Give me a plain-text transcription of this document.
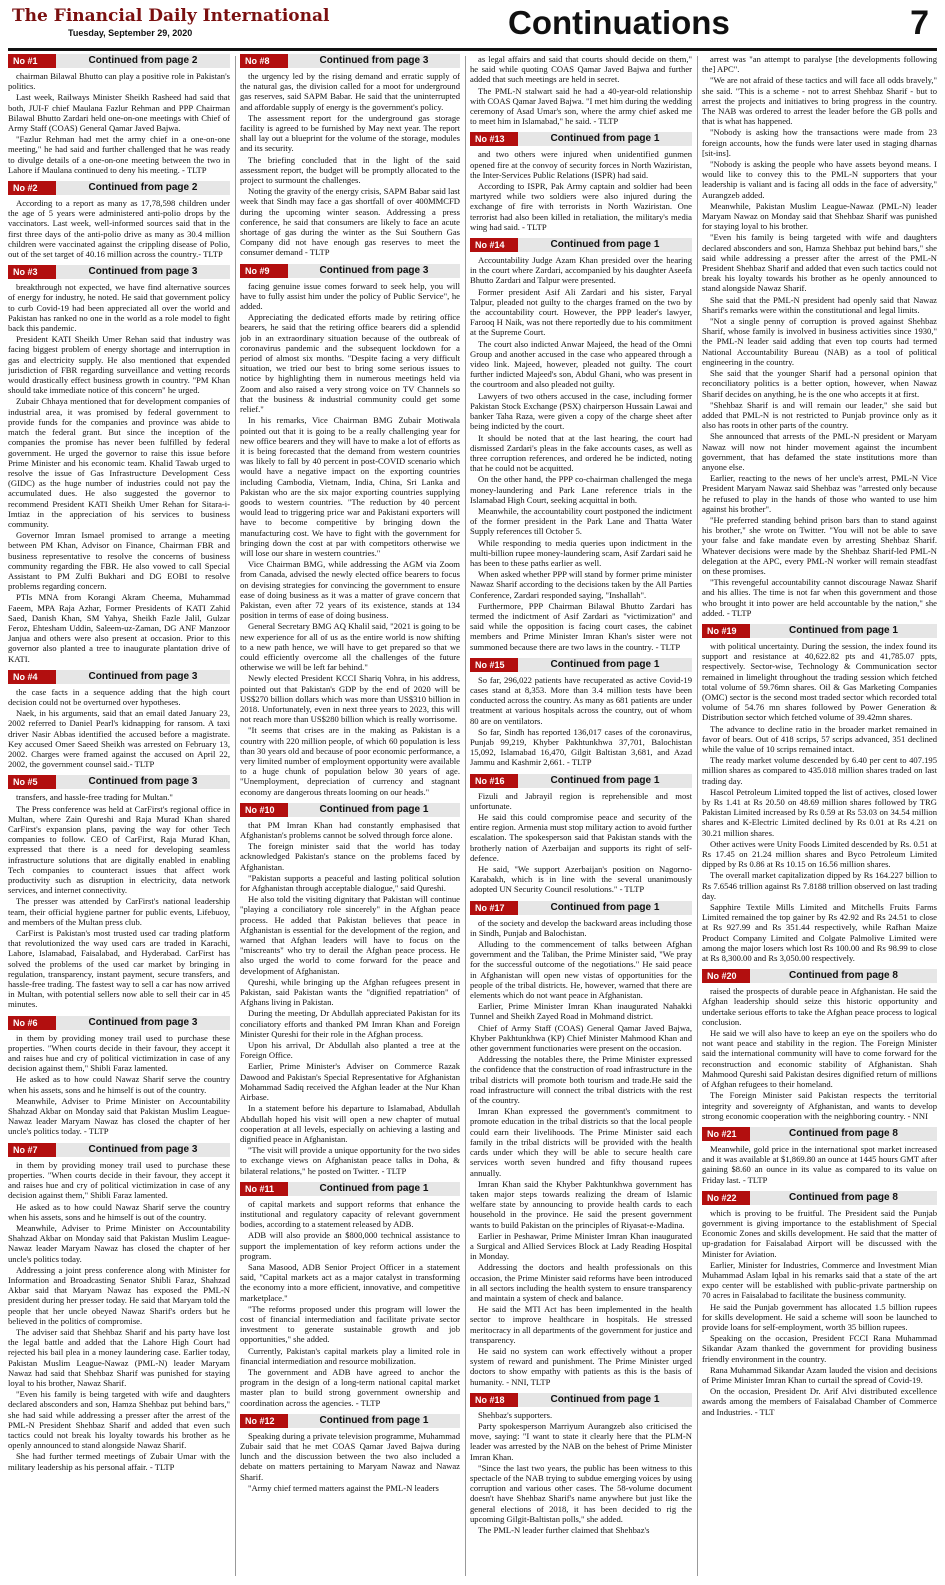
The Financial Daily International
Tuesday, September 29, 2020	Continuations	7
No #1	Continued from page 2

chairman Bilawal Bhutto can play a positive role in Pakistan's politics.

Last week, Railways Minister Sheikh Rasheed had said that both, JUI-F chief Maulana Fazlur Rehman and PPP Chairman Bilawal Bhutto Zardari held one-on-one meetings with Chief of Army Staff (COAS) General Qamar Javed Bajwa.

"Fazlur Rehman had met the army chief in a one-on-one meeting," he had said and further challenged that he was ready to divulge details of a one-on-one meeting between the two in Lahore if Maulana continued to deny his meeting. - TLTP

No #2	Continued from page 2

According to a report as many as 17,78,598 children under the age of 5 years were administered anti-polio drops by the vaccinators. Last week, well-informed sources said that in the first three days of the anti-polio drive as many as 30.4 million children were vaccinated against the crippling disease of Polio, out of the set target of 40.16 million across the country.- TLTP

No #3	Continued from page 3

breakthrough not expected, we have find alternative sources of energy for industry, he noted. He said that government policy to curb Covid-19 had been appreciated all over the world and Pakistan has ranked no one in the world as a role model to fight back this pandemic.

President KATI Sheikh Umer Rehan said that industry was facing biggest problem of energy shortage and interruption in gas and electricity supply. He also mentioned that expended jurisdiction of FBR regarding surveillance and vetting records would drastically effect business growth in country. "PM Khan should take immediate notice of this concern" he urged.

Zubair Chhaya mentioned that for development companies of industrial area, it was promised by federal government to provide funds for the companies and province was abide to match the federal grant. But since the inception of the companies the promise has never been fulfilled by federal government. He urged the governor to raise this issue before Prime Minister and his economic team. Khalid Tawab urged to resolve the issue of Gas Infrastructure Development Cess (GIDC) as the huge number of industries could not pay the accumulated dues. He also suggested the governor to recommend President KATI Sheikh Umer Rehan for Sitara-i-Imtiaz in the appreciation of his services to business community.

Governor Imran Ismael promised to arrange a meeting between PM Khan, Advisor on Finance, Chairman FBR and business representative to resolve the concerns of business community regarding the FBR. He also vowed to call Special Assistant to PM Zulfi Bukhari and DG EOBI to resolve problems regarding concern.

PTIs MNA from Korangi Akram Cheema, Muhammad Faeem, MPA Raja Azhar, Former Presidents of KATI Zahid Saed, Danish Khan, SM Yahya, Sheikh Fazle Jalil, Gulzar Feroz, Ehtesham Uddin, Saleem-uz-Zaman, DG ANF Manzoor Janjua and others were also present at occasion. Prior to this governor also planted a tree to inaugurate plantation drive of KATI.

No #4	Continued from page 3

the case facts in a sequence adding that the high court decision could not be overturned over hypotheses.

Naek, in his arguments, said that an email dated January 23, 2002 referred to Daniel Pearl's kidnapping for ransom. A taxi driver Nasir Abbas identified the accused before a magistrate. Key accused Omer Saeed Sheikh was arrested on February 13, 2002. Charges were framed against the accused on April 22, 2002, the government counsel said.- TLTP

No #5	Continued from page 3

transfers, and hassle-free trading for Multan."

The Press conference was held at CarFirst's regional office in Multan, where Zain Qureshi and Raja Murad Khan shared CarFirst's expansion plans, paving the way for other Tech companies to follow. CEO of CarFirst, Raja Murad Khan, expressed that there is a need for developing seamless infrastructure solutions that are digitally enabled in enabling Tech companies to counteract issues that affect work productivity such as disruption in electricity, data network services, and internet connectivity.

The presser was attended by CarFirst's national leadership team, their official hygiene partner for public events, Lifebuoy, and members of the Multan press club.

CarFirst is Pakistan's most trusted used car trading platform that revolutionized the way used cars are traded in Karachi, Lahore, Islamabad, Faisalabad, and Hyderabad. CarFirst has solved the problems of the used car market by bringing in regulation, transparency, instant payment, secure transfers, and hassle-free trading. The fastest way to sell a car has now arrived in Multan, with potential sellers now able to sell their car in 45 minutes.

No #6	Continued from page 3

in them by providing money trail used to purchase these properties. "When courts decide in their favour, they accept it and raises hue and cry of political victimization in case of any decision against them," Shibli Faraz lamented.

He asked as to how could Nawaz Sharif serve the country when his assets, sons and he himself is out of the country.

Meanwhile, Adviser to Prime Minister on Accountability Shahzad Akbar on Monday said that Pakistan Muslim League-Nawaz leader Maryam Nawaz has closed the chapter of her uncle's politics today. - TLTP

No #7	Continued from page 3

in them by providing money trail used to purchase these properties. "When courts decide in their favour, they accept it and raises hue and cry of political victimization in case of any decision against them," Shibli Faraz lamented.

He asked as to how could Nawaz Sharif serve the country when his assets, sons and he himself is out of the country.

Meanwhile, Adviser to Prime Minister on Accountability Shahzad Akbar on Monday said that Pakistan Muslim League-Nawaz leader Maryam Nawaz has closed the chapter of her uncle's politics today.

Addressing a joint press conference along with Minister for Information and Broadcasting Senator Shibli Faraz, Shahzad Akbar said that Maryam Nawaz has exposed the PML-N president during her presser today. He said that Maryam told the people that her uncle obeyed Nawaz Sharif's orders but he believed in the politics of compromise.

The adviser said that Shehbaz Sharif and his party have lost the legal battle and added that the Lahore High Court had rejected his bail plea in a money laundering case. Earlier today, Pakistan Muslim League-Nawaz (PML-N) leader Maryam Nawaz had said that Shehbaz Sharif was punished for staying loyal to his brother, Nawaz Sharif.

"Even his family is being targeted with wife and daughters declared absconders and son, Hamza Shehbaz put behind bars," she had said while addressing a presser after the arrest of the PML-N President Shehbaz Sharif and added that even such tactics could not break his loyalty towards his brother as he openly announced to stand alongside Nawaz Sharif.

She had further termed meetings of Zubair Umar with the military leadership as his personal affair. - TLTP

No #8	Continued from page 3

the urgency led by the rising demand and erratic supply of the natural gas, the division called for a moot for underground gas reserves, said SAPM Babar. He said that the uninterrupted and affordable supply of energy is the government's policy.

The assessment report for the underground gas storage facility is agreed to be furnished by May next year. The report shall lay out a blueprint for the volume of the storage, modules and its security.

The briefing concluded that in the light of the said assessment report, the budget will be promptly allocated to the project to surmount the challenges.

Noting the gravity of the energy crisis, SAPM Babar said last week that Sindh may face a gas shortfall of over 400MMCFD during the upcoming winter season. Addressing a press conference, he said that consumers are likely to face an acute shortage of gas during the winter as the Sui Southern Gas Company did not have enough gas reserves to meet the consumer demand - TLTP

No #9	Continued from page 3

facing genuine issue comes forward to seek help, you will have to fully assist him under the policy of Public Service", he added.

Appreciating the dedicated efforts made by retiring office bearers, he said that the retiring office bearers did a splendid job in an extraordinary situation because of the outbreak of coronavirus pandemic and the subsequent lockdown for a period of almost six months. "Despite facing a very difficult situation, we tried our best to bring some serious issues to notice by highlighting them in numerous meetings held via Zoom and also raised a very strong voice on TV Channels so that the business & industrial community could get some relief."

In his remarks, Vice Chairman BMG Zubair Motiwala pointed out that it is going to be a really challenging year for new office bearers and they will have to make a lot of efforts as it is being forecasted that the demand from western countries was likely to fall by 40 percent in post-COVID scenario which would have a negative impact on the exporting countries including Cambodia, Vietnam, India, China, Sri Lanka and Pakistan who are the six major exporting countries supplying goods to western countries. "The reduction by 40 percent would lead to triggering price war and Pakistani exporters will have to become competitive by bringing down the manufacturing cost. We have to fight with the government for bringing down the cost at par with competitors otherwise we will lose our share in western countries."

Vice Chairman BMG, while addressing the AGM via Zoom from Canada, advised the newly elected office bearers to focus on devising strategies for convincing the government to ensure ease of doing business as it was a matter of grave concern that Pakistan, even after 72 years of its existence, stands at 134 position in terms of ease of doing business.

General Secretary BMG AQ Khalil said, "2021 is going to be new experience for all of us as the entire world is now shifting to a new path hence, we will have to get prepared so that we could efficiently overcome all the challenges of the future otherwise we will be left far behind."

Newly elected President KCCI Shariq Vohra, in his address, pointed out that Pakistan's GDP by the end of 2020 will be US$270 billion dollars which was more than US$310 billion in 2018. Unfortunately, even in next three years to 2023, this will not reach more than US$280 billion which is really worrisome.

"It seems that crises are in the making as Pakistan is a country with 220 million people, of which 60 population is less than 30 years old and because of poor economic performance, a very limited number of employment opportunity were available to a huge chunk of population below 30 years of age. "Unemployment, depreciation of currency and stagnant economy are dangerous threats looming on our heads."

No #10	Continued from page 1

that PM Imran Khan had constantly emphasised that Afghanistan's problems cannot be solved through force alone.

The foreign minister said that the world has today acknowledged Pakistan's stance on the problems faced by Afghanistan.

"Pakistan supports a peaceful and lasting political solution for Afghanistan through acceptable dialogue," said Qureshi.

He also told the visiting dignitary that Pakistan will continue "playing a conciliatory role sincerely" in the Afghan peace process. He added that Pakistan believes that peace in Afghanistan is essential for the development of the region, and warned that Afghan leaders will have to focus on the "miscreants" who try to derail the Afghan peace process. He also urged the world to come forward for the peace and development of Afghanistan.

Qureshi, while bringing up the Afghan refugees present in Pakistan, said Pakistan wants the "dignified repatriation" of Afghans living in Pakistan.

During the meeting, Dr Abdullah appreciated Pakistan for its conciliatory efforts and thanked PM Imran Khan and Foreign Minister Qureshi for their role in the Afghan process.

Upon his arrival, Dr Abdullah also planted a tree at the Foreign Office.

Earlier, Prime Minister's Adviser on Commerce Razak Dawood and Pakistan's Special Representative for Afghanistan Mohammad Sadiq received the Afghan leader at the Nur Khan Airbase.

In a statement before his departure to Islamabad, Abdullah Abdullah hoped his visit will open a new chapter of mutual cooperation at all levels, especially on achieving a lasting and dignified peace in Afghanistan.

"The visit will provide a unique opportunity for the two sides to exchange views on Afghanistan peace talks in Doha, & bilateral relations," he posted on Twitter. - TLTP

No #11	Continued from page 1

of capital markets and support reforms that enhance the institutional and regulatory capacity of relevant government bodies, according to a statement released by ADB.

ADB will also provide an $800,000 technical assistance to support the implementation of key reform actions under the program.

Sana Masood, ADB Senior Project Officer in a statement said, "Capital markets act as a major catalyst in transforming the economy into a more efficient, innovative, and competitive marketplace."

"The reforms proposed under this program will lower the cost of financial intermediation and facilitate private sector investment to generate sustainable growth and job opportunities," she added.

Currently, Pakistan's capital markets play a limited role in financial intermediation and resource mobilization.

The government and ADB have agreed to anchor the program in the design of a long-term national capital market master plan to build strong government ownership and coordination across the agencies. - TLTP

No #12	Continued from page 1

Speaking during a private television programme, Muhammad Zubair said that he met COAS Qamar Javed Bajwa during lunch and the discussion between the two also included a debate on matters pertaining to Maryam Nawaz and Nawaz Sharif.

"Army chief termed matters against the PML-N leaders

as legal affairs and said that courts should decide on them," he said while quoting COAS Qamar Javed Bajwa and further added that such meetings are held in secret.

The PML-N stalwart said he had a 40-year-old relationship with COAS Qamar Javed Bajwa. "I met him during the wedding ceremony of Asad Umar's son, where the army chief asked me to meet him in Islamabad," he said. - TLTP

No #13	Continued from page 1

and two others were injured when unidentified gunmen opened fire at the convoy of security forces in North Waziristan, the Inter-Services Public Relations (ISPR) had said.

According to ISPR, Pak Army captain and soldier had been martyred while two soldiers were also injured during the exchange of fire with terrorists in North Waziristan. One terrorist had also been killed in retaliation, the military's media wing had said. - TLTP

No #14	Continued from page 1

Accountability Judge Azam Khan presided over the hearing in the court where Zardari, accompanied by his daughter Aseefa Bhutto Zardari and Talpur were presented.

Former president Asif Ali Zardari and his sister, Faryal Talpur, pleaded not guilty to the charges framed on the two by the accountability court. However, the PPP leader's lawyer, Farooq H Naik, was not there reportedly due to his commitment at the Supreme Court.

The court also indicted Anwar Majeed, the head of the Omni Group and another accused in the case who appeared through a video link. Majeed, however, pleaded not guilty. The court further indicted Majeed's son, Abdul Ghani, who was present in the courtroom and also pleaded not guilty.

Lawyers of two others accused in the case, including former Pakistan Stock Exchange (PSX) chairperson Hussain Lawai and banker Taha Raza, were given a copy of the charge sheet after being indicted by the court.

It should be noted that at the last hearing, the court had dismissed Zardari's pleas in the fake accounts cases, as well as three corruption references, and ordered he be indicted, noting that he could not be acquitted.

On the other hand, the PPP co-chairman challenged the mega money-laundering and Park Lane reference trials in the Islamabad High Court, seeking acquittal in both.

Meanwhile, the accountability court postponed the indictment of the former president in the Park Lane and Thatta Water Supply references till October 5.

While responding to media queries upon indictment in the multi-billion rupee money-laundering scam, Asif Zardari said he has been to these paths earlier as well.

When asked whether PPP will stand by former prime minister Nawaz Sharif according to the decisions taken by the All Parties Conference, Zardari responded saying, "Inshallah".

Furthermore, PPP Chairman Bilawal Bhutto Zardari has termed the indictment of Asif Zardari as "victimization" and said while the opposition is facing court cases, the cabinet members and Prime Minister Imran Khan's sister were not summoned because there are two laws in the country. - TLTP

No #15	Continued from page 1

So far, 296,022 patients have recuperated as active Covid-19 cases stand at 8,353. More than 3.4 million tests have been conducted across the country. As many as 681 patients are under treatment at various hospitals across the country, out of whom 80 are on ventilators.

So far, Sindh has reported 136,017 cases of the coronavirus, Punjab 99,219, Khyber Pakhtunkhwa 37,701, Balochistan 15,092, Islamabad 16,470, Gilgit Baltistan 3,681, and Azad Jammu and Kashmir 2,661. - TLTP

No #16	Continued from page 1

Fizuli and Jabrayil region is reprehensible and most unfortunate.

He said this could compromise peace and security of the entire region. Armenia must stop military action to avoid further escalation. The spokesperson said that Pakistan stands with the brotherly nation of Azerbaijan and supports its right of self-defence.

He said, "We support Azerbaijan's position on Nagorno-Karabakh, which is in line with the several unanimously adopted UN Security Council resolutions." - TLTP

No #17	Continued from page 1

of the society and develop the backward areas including those in Sindh, Punjab and Balochistan.

Alluding to the commencement of talks between Afghan government and the Taliban, the Prime Minister said, "We pray for the successful outcome of the negotiations." He said peace in Afghanistan will open new vistas of opportunities for the people of the tribal districts. He, however, warned that there are elements which do not want peace in Afghanistan.

Earlier, Prime Minister Imran Khan inaugurated Nahakki Tunnel and Sheikh Zayed Road in Mohmand district.

Chief of Army Staff (COAS) General Qamar Javed Bajwa, Khyber Pakhtunkhwa (KP) Chief Minister Mahmood Khan and other government functionaries were present on the occasion.

Addressing the notables there, the Prime Minister expressed the confidence that the construction of road infrastructure in the tribal districts will promote both tourism and trade.He said the road infrastructure will connect the tribal districts with the rest of the country.

Imran Khan expressed the government's commitment to promote education in the tribal districts so that the local people could earn their livelihoods. The Prime Minister said each family in the tribal districts will be provided with the health cards under which they will be able to secure health care services worth seven hundred and fifty thousand rupees annually.

Imran Khan said the Khyber Pakhtunkhwa government has taken major steps towards realizing the dream of Islamic welfare state by announcing to provide health cards to each household in the province. He said the present government wants to build Pakistan on the principles of Riyasat-e-Madina.

Earlier in Peshawar, Prime Minister Imran Khan inaugurated a Surgical and Allied Services Block at Lady Reading Hospital in Monday.

Addressing the doctors and health professionals on this occasion, the Prime Minister said reforms have been introduced in all sectors including the health system to ensure transparency and maintain a system of check and balance.

He said the MTI Act has been implemented in the health sector to improve healthcare in hospitals. He stressed meritocracy in all departments of the government for justice and transparency.

He said no system can work effectively without a proper system of reward and punishment. The Prime Minister urged doctors to show empathy with patients as this is the basis of humanity. - NNI, TLTP

No #18	Continued from page 1

Shehbaz's supporters.

Party spokesperson Marriyum Aurangzeb also criticised the move, saying: "I want to state it clearly here that the PLM-N leader was arrested by the NAB on the behest of Prime Minister Imran Khan.

"Since the last two years, the public has been witness to this spectacle of the NAB trying to subdue emerging voices by using corruption and various other cases. The 58-volume document doesn't have Shehbaz Sharif's name anywhere but just like the general elections of 2018, it has been decided to rig the upcoming Gilgit-Baltistan polls," she added.

The PML-N leader further claimed that Shehbaz's

arrest was "an attempt to paralyse [the developments following the] APC".

"We are not afraid of these tactics and will face all odds bravely," she said. "This is a scheme - not to arrest Shehbaz Sharif - but to arrest the projects and initiatives to bring progress in the country. The NAB was ordered to arrest the leader before the GB polls and that is what has happened.

"Nobody is asking how the transactions were made from 23 foreign accounts, how the funds were later used in staging dharnas [sit-ins].

"Nobody is asking the people who have assets beyond means. I would like to convey this to the PML-N supporters that your leadership is valiant and is facing all odds in the face of adversity," Aurangzeb added.

Meanwhile, Pakistan Muslim League-Nawaz (PML-N) leader Maryam Nawaz on Monday said that Shehbaz Sharif was punished for staying loyal to his brother.

"Even his family is being targeted with wife and daughters declared absconders and son, Hamza Shehbaz put behind bars," she said while addressing a presser after the arrest of the PML-N President Shehbaz Sharif and added that even such tactics could not break his loyalty towards his brother as he openly announced to stand alongside Nawaz Sharif.

She said that the PML-N president had openly said that Nawaz Sharif's remarks were within the constitutional and legal limits.

"Not a single penny of corruption is proved against Shehbaz Sharif, whose family is involved in business activities since 1930," the PML-N leader said adding that even top courts had termed National Accountability Bureau (NAB) as a tool of political engineering in the country.

She said that the younger Sharif had a personal opinion that reconciliatory politics is a better option, however, when Nawaz Sharif decides on anything, he is the one who accepts it at first.

"Shehbaz Sharif is and will remain our leader," she said but added that PML-N is not restricted to Punjab province only as it also has roots in other parts of the country.

She announced that arrests of the PML-N president or Maryam Nawaz will now not hinder movement against the incumbent government, that has defamed the state institutions more than anyone else.

Earlier, reacting to the news of her uncle's arrest, PML-N Vice President Maryam Nawaz said Shehbaz was "arrested only because he refused to play in the hands of those who wanted to use him against his brother".

"He preferred standing behind prison bars than to stand against his brother," she wrote on Twitter. "You will not be able to save your false and fake mandate even by arresting Shehbaz Sharif. Whatever decisions were made by the Shehbaz Sharif-led PML-N delegation at the APC, every PML-N worker will remain steadfast on these promises.

"This revengeful accountability cannot discourage Nawaz Sharif and his allies. The time is not far when this government and those who brought it into power are held accountable by the nation," she added. - TLTP

No #19	Continued from page 1

with political uncertainty. During the session, the index found its support and resistance at 40,622.82 pts and 41,785.07 ppts, respectively. Sector-wise, Technology & Communication sector remained in limelight throughout the trading session which fetched total volume of 59.76mn shares. Oil & Gas Marketing Companies (OMC) sector is the second most traded sector which recorded total volume of 54.76 mn shares followed by Power Generation & Distribution sector which fetched volume of 39.42mn shares.

The advance to decline ratio in the broader market remained in favor of bears. Out of 418 scrips, 57 scrips advanced, 351 declined while the value of 10 scrips remained intact.

The ready market volume descended by 6.40 per cent to 407.195 million shares as compared to 435.018 million shares traded on last trading day.

Hascol Petroleum Limited topped the list of actives, closed lower by Rs 1.41 at Rs 20.50 on 48.69 million shares followed by TRG Pakistan Limited increased by Rs 0.59 at Rs 53.03 on 34.54 million shares and K-Electric Limited declined by Rs 0.01 at Rs 4.21 on 30.21 million shares.

Other actives were Unity Foods Limited descended by Rs. 0.51 at Rs 17.45 on 21.24 million shares and Byco Petroleum Limited dipped by Rs 0.86 at Rs 10.15 on 16.56 million shares.

The overall market capitalization dipped by Rs 164.227 billion to Rs 7.6546 trillion against Rs 7.8188 trillion observed on last trading day.

Sapphire Textile Mills Limited and Mitchells Fruits Farms Limited remained the top gainer by Rs 42.92 and Rs 24.51 to close at Rs 927.99 and Rs 351.44 respectively, while Rafhan Maize Product Company Limited and Colgate Palmolive Limited were among the major losers which lost Rs 100.00 and Rs 98.99 to close at Rs 8,300.00 and Rs 3,050.00 respectively.

No #20	Continued from page 8

raised the prospects of durable peace in Afghanistan. He said the Afghan leadership should seize this historic opportunity and undertake serious efforts to take the Afghan peace process to logical conclusion.

He said we will also have to keep an eye on the spoilers who do not want peace and stability in the region. The Foreign Minister said the international community will have to come forward for the reconstruction and economic stability of Afghanistan. Shah Mahmood Qureshi said Pakistan desires dignified return of millions of Afghan refugees to their homeland.

The Foreign Minister said Pakistan respects the territorial integrity and sovereignty of Afghanistan, and wants to develop strong economic cooperation with the neighboring country. - NNI

No #21	Continued from page 8

Meanwhile, gold price in the international spot market increased and it was available at $1,869.80 an ounce at 1445 hours GMT after gaining $8.60 an ounce in its value as compared to its value on Friday last. - TLTP

No #22	Continued from page 8

which is proving to be fruitful. The President said the Punjab government is giving importance to the establishment of Special Economic Zones and skills development. He said that the matter of up-gradation for Faisalabad Airport will be discussed with the Minister for Aviation.

Earlier, Minister for Industries, Commerce and Investment Mian Muhammad Aslam Iqbal in his remarks said that a state of the art expo center will be established with public-private partnership on 70 acres in Faisalabad to facilitate the business community.

He said the Punjab government has allocated 1.5 billion rupees for skills development. He said a scheme will soon be launched to provide loans for self-employment, worth 35 billion rupees.

Speaking on the occasion, President FCCI Rana Muhammad Sikandar Azam thanked the government for providing business friendly environment in the country.

Rana Muhammad Sikandar Azam lauded the vision and decisions of Prime Minister Imran Khan to curtail the spread of Covid-19.

On the occasion, President Dr. Arif Alvi distributed excellence awards among the members of Faisalabad Chamber of Commerce and Industries. - TLT
